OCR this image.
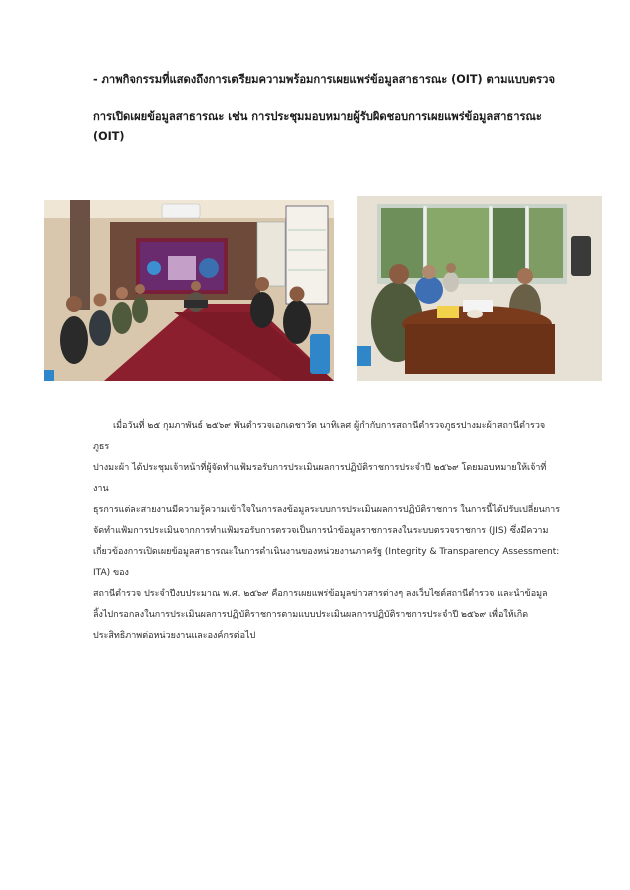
- ภาพกิจกรรมที่แสดงถึงการเตรียมความพร้อมการเผยแพร่ข้อมูลสาธารณะ (OIT) ตามแบบตรวจ

การเปิดเผยข้อมูลสาธารณะ เช่น การประชุมมอบหมายผู้รับผิดชอบการเผยแพร่ข้อมูลสาธารณะ

(OIT)

เมื่อวันที่ ๒๕ กุมภาพันธ์ ๒๕๖๙ พันตำรวจเอกเดชาวัต นาทิเลศ ผู้กำกับการสถานีตำรวจภูธรปางมะผ้าสถานีตำรวจภูธร

ปางมะผ้า ได้ประชุมเจ้าหน้าที่ผู้จัดทำแฟ้มรอรับการประเมินผลการปฏิบัติราชการประจำปี ๒๕๖๙ โดยมอบหมายให้เจ้าที่งาน

ธุรการแต่ละสายงานมีความรู้ความเข้าใจในการลงข้อมูลระบบการประเมินผลการปฏิบัติราชการ ในการนี้ได้ปรับเปลี่ยนการ

จัดทำแฟ้มการประเมินจากการทำแฟ้มรอรับการตรวจเป็นการนำข้อมูลราชการลงในระบบตรวจราชการ (JIS) ซึ่งมีความ

เกี่ยวข้องการเปิดเผยข้อมูลสาธารณะในการดำเนินงานของหน่วยงานภาครัฐ (Integrity & Transparency Assessment: ITA) ของ

สถานีตำรวจ ประจำปีงบประมาณ พ.ศ. ๒๕๖๙ คือการเผยแพร่ข้อมูลข่าวสารต่างๆ ลงเว็บไซต์สถานีตำรวจ และนำข้อมูล

ลิ้งไปกรอกลงในการประเมินผลการปฏิบัติราชการตามแบบประเมินผลการปฏิบัติราชการประจำปี ๒๕๖๙ เพื่อให้เกิด

ประสิทธิภาพต่อหน่วยงานและองค์กรต่อไป
